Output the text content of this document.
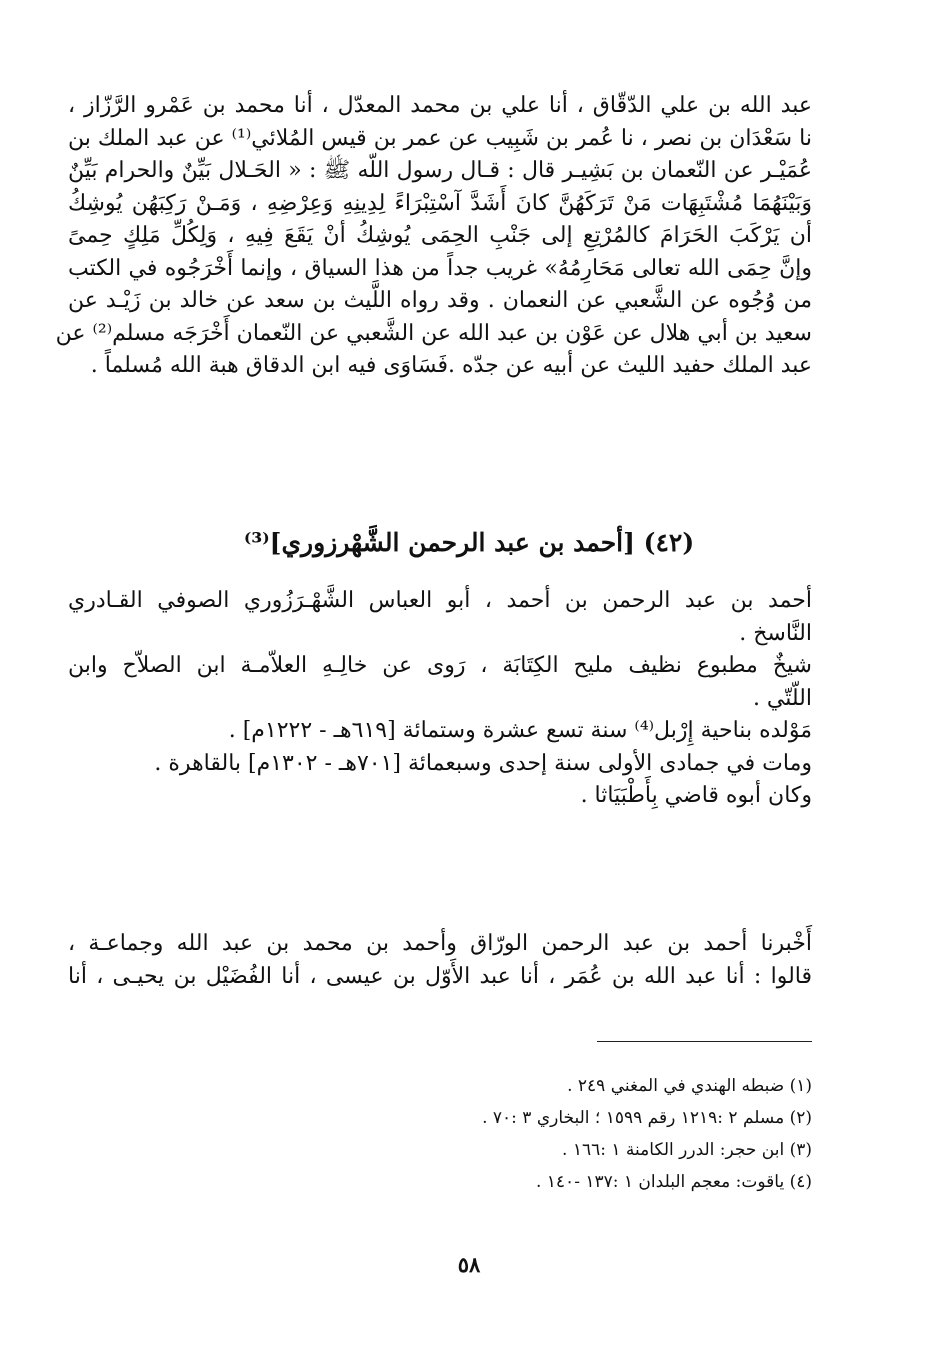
عبد الله بن علي الدّقّاق ، أنا علي بن محمد المعدّل ، أنا محمد بن عَمْرو الرَّزّاز ،
نا سَعْدَان بن نصر ، نا عُمر بن شَبِيب عن عمر بن قيس المُلائي⁽¹⁾ عن عبد الملك بن
عُمَيْـر عن النّعمان بن بَشِيـر قال : قـال رسول اللّه ﷺ : « الحَـلال بَيِّنٌ والحرام بَيِّنٌ
وَبَيْنَهُمَا مُشْتَبِهَات مَنْ تَرَكَهُنَّ كانَ أَشَدَّ آسْتِبْرَاءً لِدِينِهِ وَعِرْضِهِ ، وَمَـنْ رَكِبَهُن يُوشِكُ
أن يَرْكَبَ الحَرَامَ كالمُرْتِعِ إلى جَنْبِ الحِمَى يُوشِكُ أنْ يَقَعَ فِيهِ ، وَلِكُلِّ مَلِكٍ حِمىً
وإنَّ حِمَى الله تعالى مَحَارِمُهُ» غريب جداً من هذا السياق ، وإنما أَخْرَجُوه في الكتب
من وُجُوه عن الشَّعبي عن النعمان . وقد رواه اللَّيث بن سعد عن خالد بن زَيْـد عن
سعيد بن أبي هلال عن عَوْن بن عبد الله عن الشَّعبي عن النّعمان أَخْرَجَه مسلم⁽²⁾ عن
عبد الملك حفيد الليث عن أبيه عن جدّه .فَسَاوَى فيه ابن الدقاق هبة الله مُسلماً .
(٤٢) [أحمد بن عبد الرحمن الشَّهْرزوري]⁽³⁾
أحمد بن عبد الرحمن بن أحمد ، أبو العباس الشَّهْـرَزُوري الصوفي القـادري
النَّاسخ .
شيخٌ مطبوع نظيف مليح الكِتَابَة ، رَوى عن خالِـهِ العلاّمـة ابن الصلاّح وابن
اللّتّي .
مَوْلده بناحية إِرْبل⁽⁴⁾ سنة تسع عشرة وستمائة [٦١٩هـ - ١٢٢٢م] .
ومات في جمادى الأولى سنة إحدى وسبعمائة [٧٠١هـ - ١٣٠٢م] بالقاهرة .
وكان أبوه قاضي بِأَطْبَيَاثا .
أَخْبرنا أحمد بن عبد الرحمن الورّاق وأحمد بن محمد بن عبد الله وجماعـة ،
قالوا : أنا عبد الله بن عُمَر ، أنا عبد الأَوّل بن عيسى ، أنا الفُضَيْل بن يحيـى ، أنا
(١) ضبطه الهندي في المغني ٢٤٩ .
(٢) مسلم ٢ :١٢١٩ رقم ١٥٩٩ ؛ البخاري ٣ :٧٠ .
(٣) ابن حجر: الدرر الكامنة ١ :١٦٦ .
(٤) ياقوت: معجم البلدان ١ :١٣٧ -١٤٠ .
٥٨
